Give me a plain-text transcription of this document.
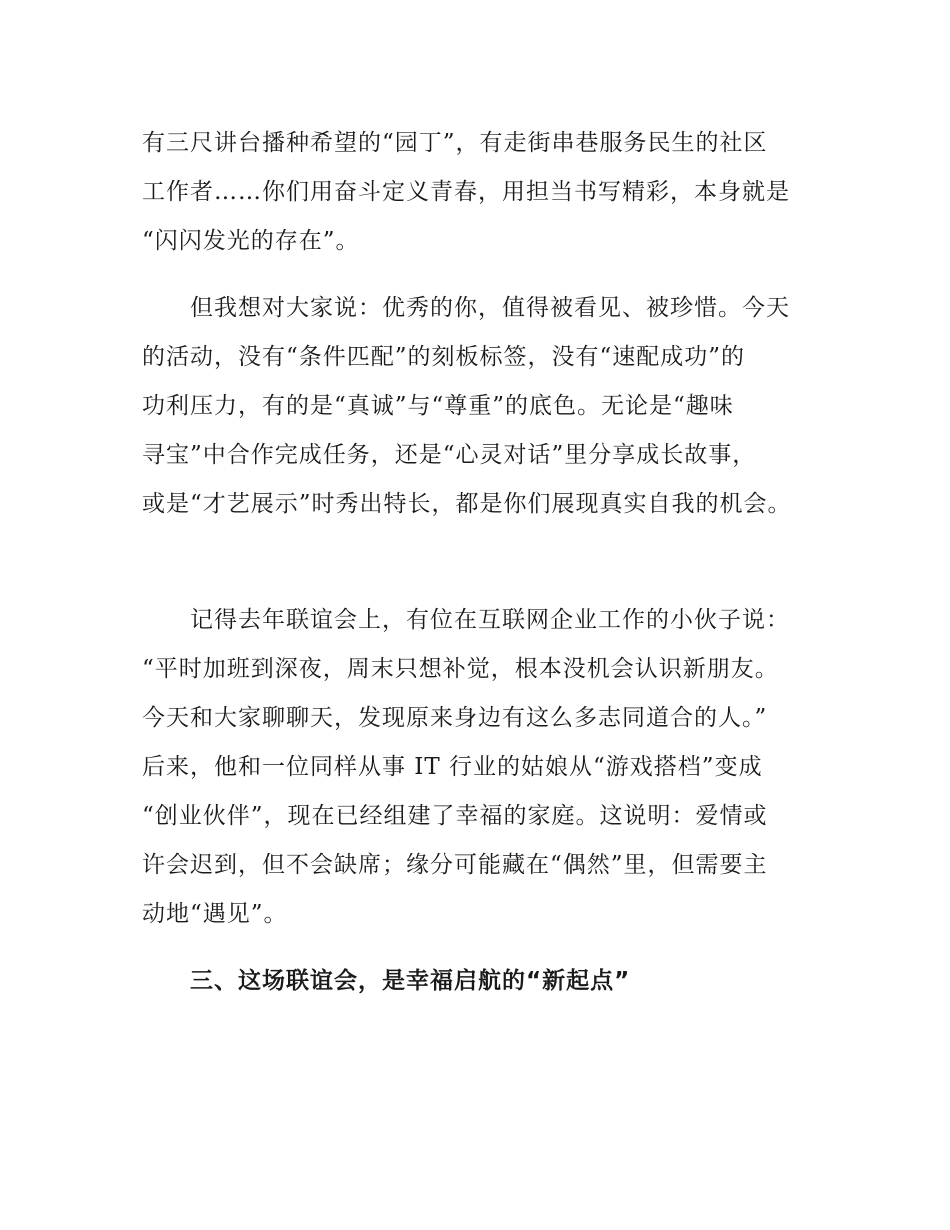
有三尺讲台播种希望的“园丁”，有走街串巷服务民生的社区
工作者……你们用奋斗定义青春，用担当书写精彩，本身就是
“闪闪发光的存在”。
但我想对大家说：优秀的你，值得被看见、被珍惜。今天
的活动，没有“条件匹配”的刻板标签，没有“速配成功”的
功利压力，有的是“真诚”与“尊重”的底色。无论是“趣味
寻宝”中合作完成任务，还是“心灵对话”里分享成长故事，
或是“才艺展示”时秀出特长，都是你们展现真实自我的机会。
记得去年联谊会上，有位在互联网企业工作的小伙子说：
“平时加班到深夜，周末只想补觉，根本没机会认识新朋友。
今天和大家聊聊天，发现原来身边有这么多志同道合的人。”
后来，他和一位同样从事 IT 行业的姑娘从“游戏搭档”变成
“创业伙伴”，现在已经组建了幸福的家庭。这说明：爱情或
许会迟到，但不会缺席；缘分可能藏在“偶然”里，但需要主
动地“遇见”。
三、这场联谊会，是幸福启航的“新起点”
